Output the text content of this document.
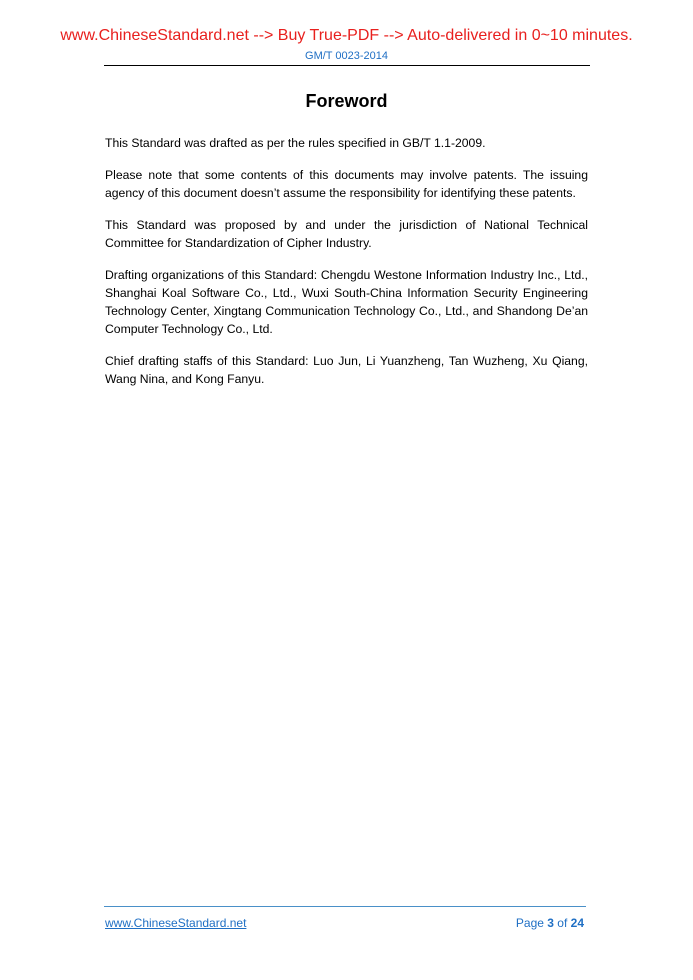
www.ChineseStandard.net --> Buy True-PDF --> Auto-delivered in 0~10 minutes.
GM/T 0023-2014
Foreword

This Standard was drafted as per the rules specified in GB/T 1.1-2009.

Please note that some contents of this documents may involve patents. The issuing agency of this document doesn’t assume the responsibility for identifying these patents.

This Standard was proposed by and under the jurisdiction of National Technical Committee for Standardization of Cipher Industry.

Drafting organizations of this Standard: Chengdu Westone Information Industry Inc., Ltd., Shanghai Koal Software Co., Ltd., Wuxi South-China Information Security Engineering Technology Center, Xingtang Communication Technology Co., Ltd., and Shandong De’an Computer Technology Co., Ltd.

Chief drafting staffs of this Standard: Luo Jun, Li Yuanzheng, Tan Wuzheng, Xu Qiang, Wang Nina, and Kong Fanyu.

www.ChineseStandard.net	Page 3 of 24
